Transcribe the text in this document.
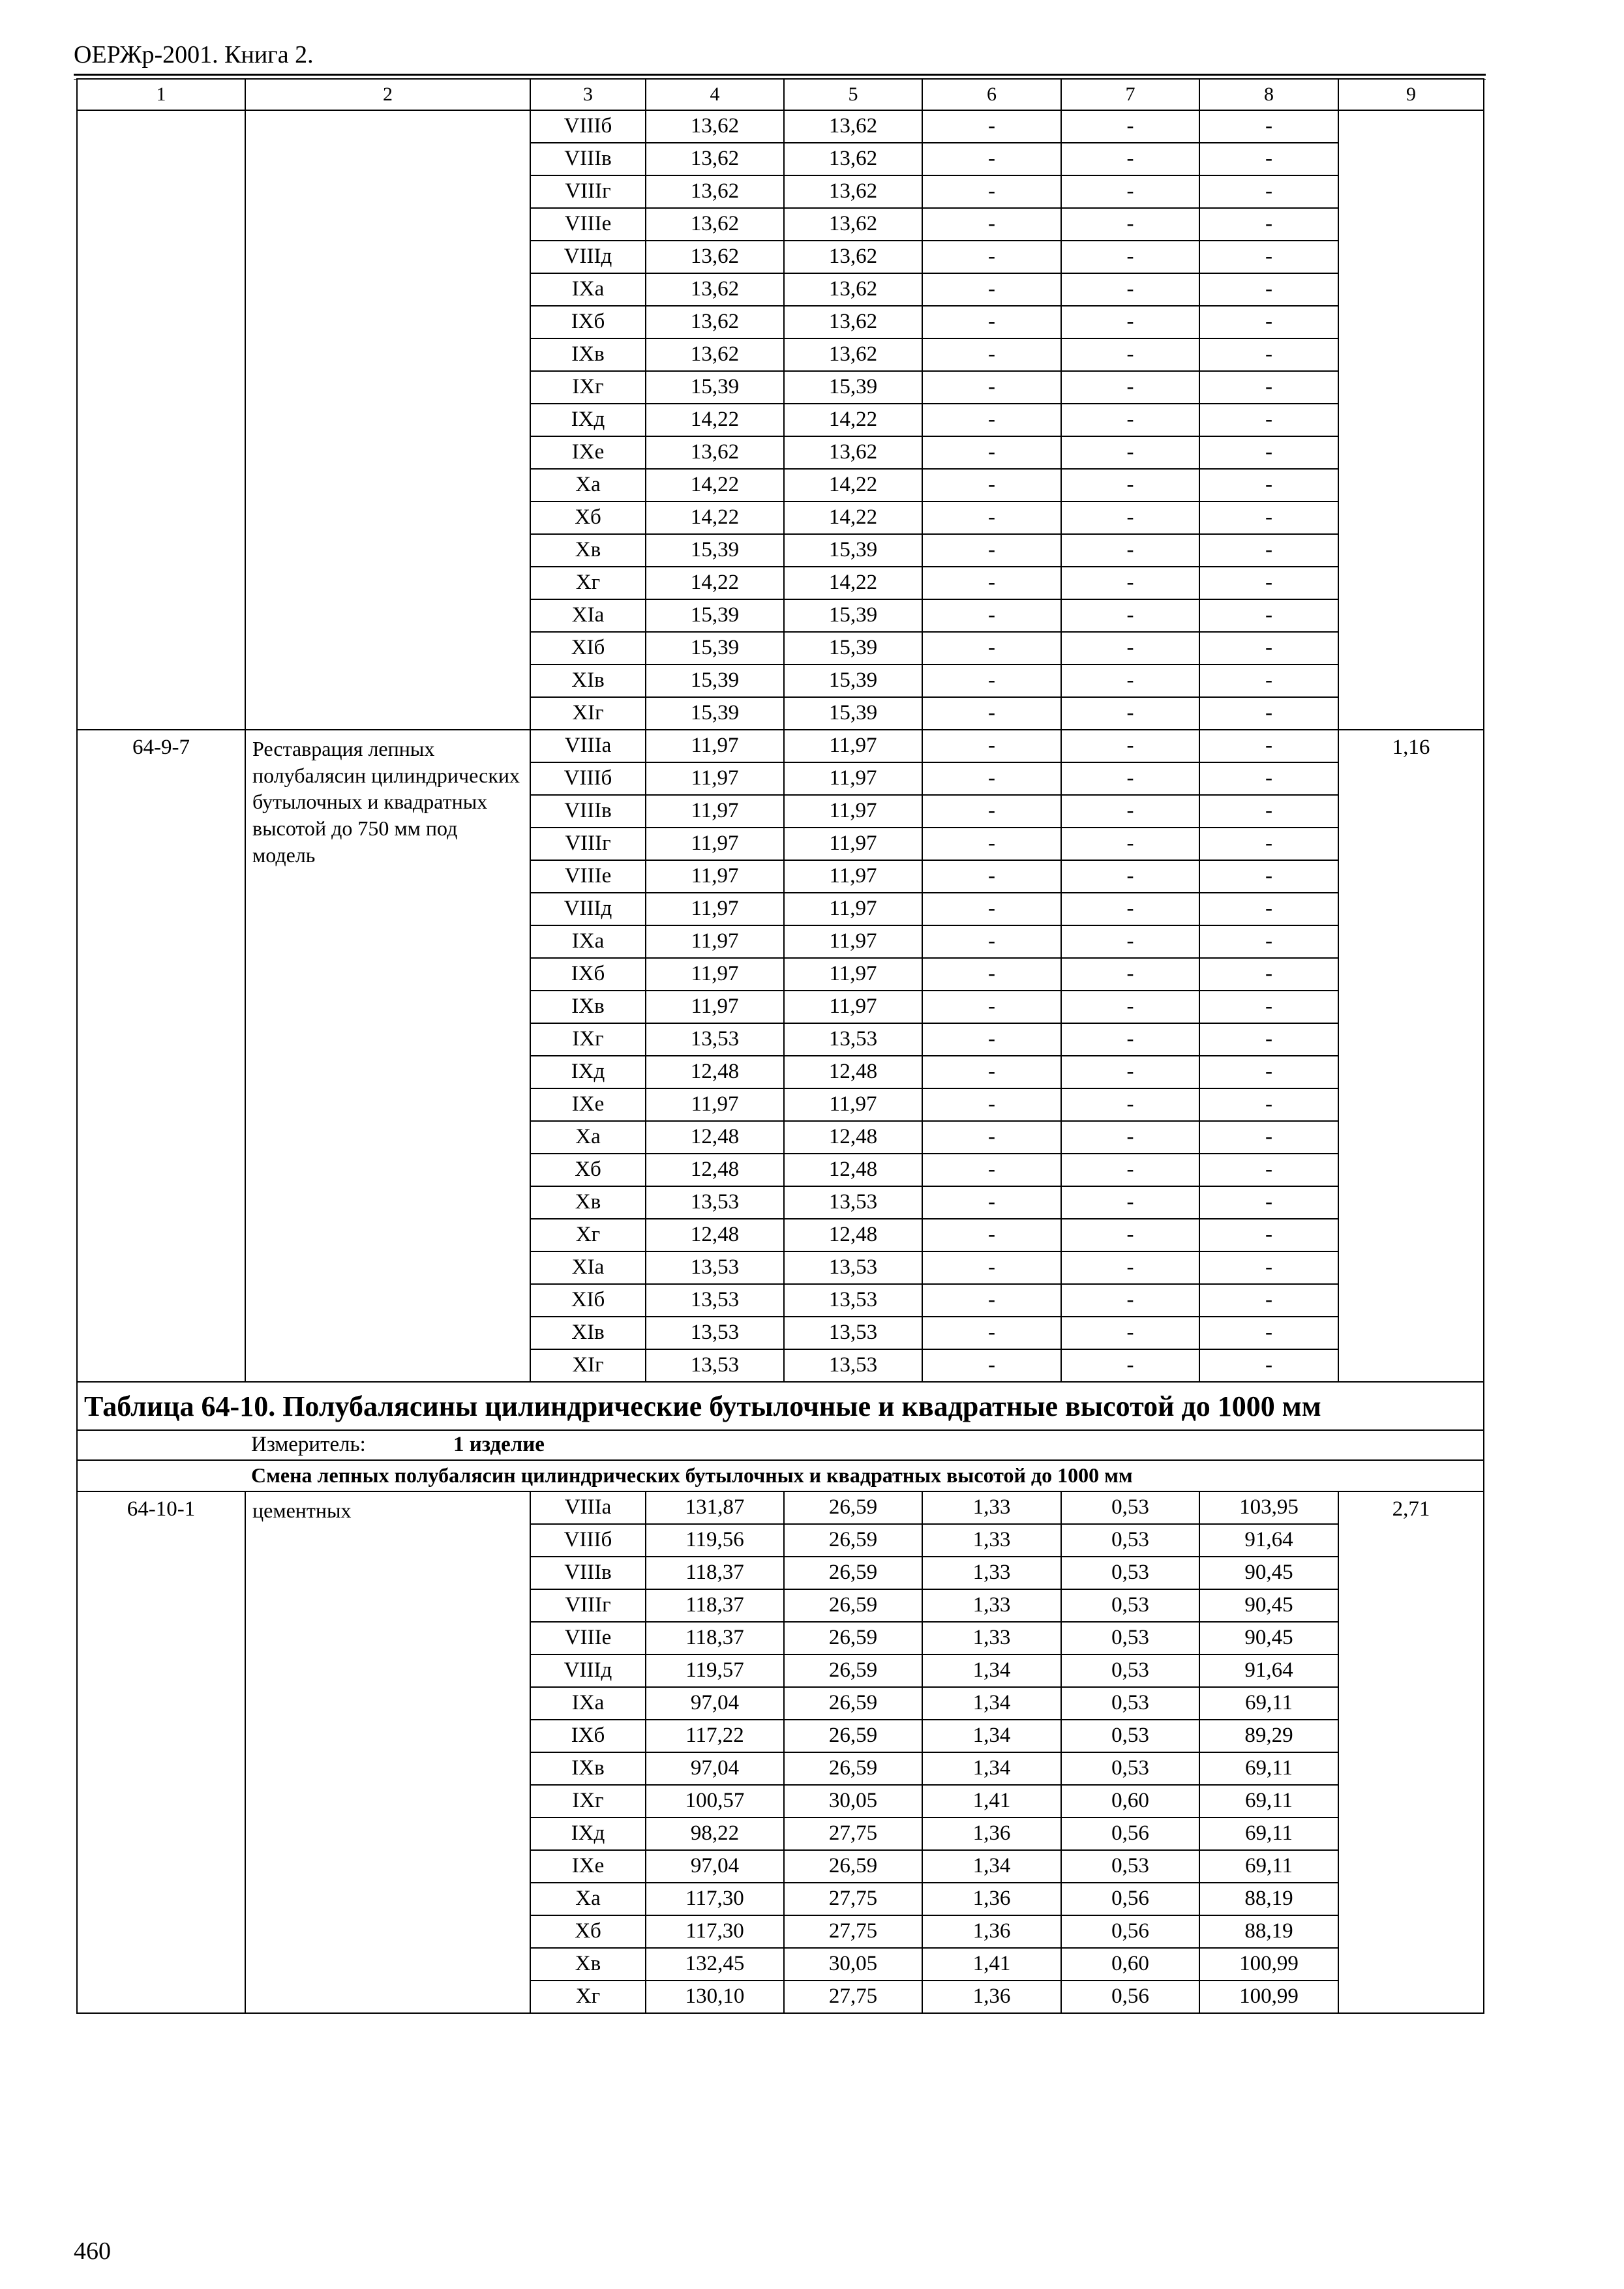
ОЕРЖр-2001. Книга 2.
1	2	3	4	5	6	7	8	9
		VIIIб	13,62	13,62	-	-	-	
		VIIIв	13,62	13,62	-	-	-	
		VIIIг	13,62	13,62	-	-	-	
		VIIIе	13,62	13,62	-	-	-	
		VIIIд	13,62	13,62	-	-	-	
		IXа	13,62	13,62	-	-	-	
		IXб	13,62	13,62	-	-	-	
		IXв	13,62	13,62	-	-	-	
		IXг	15,39	15,39	-	-	-	
		IXд	14,22	14,22	-	-	-	
		IXе	13,62	13,62	-	-	-	
		Xа	14,22	14,22	-	-	-	
		Xб	14,22	14,22	-	-	-	
		Xв	15,39	15,39	-	-	-	
		Xг	14,22	14,22	-	-	-	
		XIа	15,39	15,39	-	-	-	
		XIб	15,39	15,39	-	-	-	
		XIв	15,39	15,39	-	-	-	
		XIг	15,39	15,39	-	-	-	
64-9-7	Реставрация лепных полубалясин цилиндрических бутылочных и квадратных высотой до 750 мм под модель	VIIIа	11,97	11,97	-	-	-	1,16
		VIIIб	11,97	11,97	-	-	-	
		VIIIв	11,97	11,97	-	-	-	
		VIIIг	11,97	11,97	-	-	-	
		VIIIе	11,97	11,97	-	-	-	
		VIIIд	11,97	11,97	-	-	-	
		IXа	11,97	11,97	-	-	-	
		IXб	11,97	11,97	-	-	-	
		IXв	11,97	11,97	-	-	-	
		IXг	13,53	13,53	-	-	-	
		IXд	12,48	12,48	-	-	-	
		IXе	11,97	11,97	-	-	-	
		Xа	12,48	12,48	-	-	-	
		Xб	12,48	12,48	-	-	-	
		Xв	13,53	13,53	-	-	-	
		Xг	12,48	12,48	-	-	-	
		XIа	13,53	13,53	-	-	-	
		XIб	13,53	13,53	-	-	-	
		XIв	13,53	13,53	-	-	-	
		XIг	13,53	13,53	-	-	-	
Таблица 64-10. Полубалясины цилиндрические бутылочные и квадратные высотой до 1000 мм								
Измеритель: 1 изделие								
Смена лепных полубалясин цилиндрических бутылочных и квадратных высотой до 1000 мм								
64-10-1	цементных	VIIIа	131,87	26,59	1,33	0,53	103,95	2,71
		VIIIб	119,56	26,59	1,33	0,53	91,64	
		VIIIв	118,37	26,59	1,33	0,53	90,45	
		VIIIг	118,37	26,59	1,33	0,53	90,45	
		VIIIе	118,37	26,59	1,33	0,53	90,45	
		VIIIд	119,57	26,59	1,34	0,53	91,64	
		IXа	97,04	26,59	1,34	0,53	69,11	
		IXб	117,22	26,59	1,34	0,53	89,29	
		IXв	97,04	26,59	1,34	0,53	69,11	
		IXг	100,57	30,05	1,41	0,60	69,11	
		IXд	98,22	27,75	1,36	0,56	69,11	
		IXе	97,04	26,59	1,34	0,53	69,11	
		Xа	117,30	27,75	1,36	0,56	88,19	
		Xб	117,30	27,75	1,36	0,56	88,19	
		Xв	132,45	30,05	1,41	0,60	100,99	
		Xг	130,10	27,75	1,36	0,56	100,99	
460
